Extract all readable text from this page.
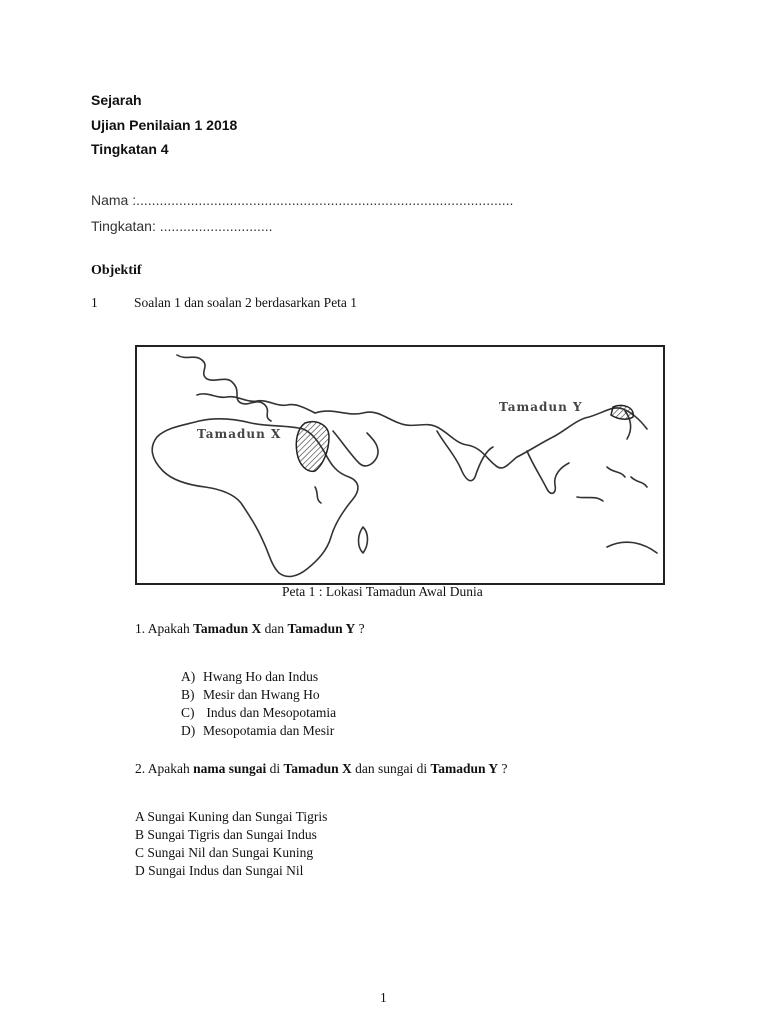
Sejarah
Ujian Penilaian 1 2018
Tingkatan 4
Nama :.................................................................................................
Tingkatan: .............................
Objektif
1	Soalan 1 dan soalan 2 berdasarkan Peta 1
Tamadun X
Tamadun Y
Peta 1 : Lokasi Tamadun Awal Dunia
1. Apakah Tamadun X dan Tamadun Y ?
A) Hwang Ho dan Indus
B) Mesir dan Hwang Ho
C) Indus dan Mesopotamia
D) Mesopotamia dan Mesir
2. Apakah nama sungai di Tamadun X dan sungai di Tamadun Y ?
A Sungai Kuning dan Sungai Tigris
B Sungai Tigris dan Sungai Indus
C Sungai Nil dan Sungai Kuning
D Sungai Indus dan Sungai Nil
1
